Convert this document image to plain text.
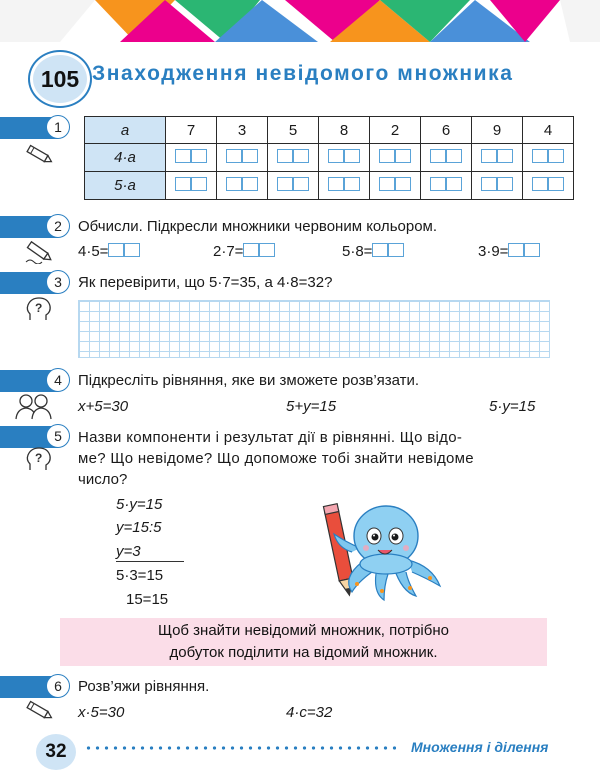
105 Знаходження невідомого множника
1	a	7	3	5	8	2	6	9	4
4·a								
5·a								
2	Обчисли. Підкресли множники червоним кольором.
4·5=	2·7=	5·8=	3·9=
3	Як перевірити, що 5·7=35, а 4·8=32?
?
4	Підкресліть рівняння, яке ви зможете розв’язати.
x+5=30	5+y=15	5·y=15
5	Назви компоненти і результат дії в рівнянні. Що відо-
ме? Що невідоме? Що допоможе тобі знайти невідоме
число?
?
5·y=15
y=15:5
y=3
5·3=15
15=15
Щоб знайти невідомий множник, потрібно
добуток поділити на відомий множник.
6	Розв’яжи рівняння.
x·5=30	4·c=32
32	Множення і ділення
